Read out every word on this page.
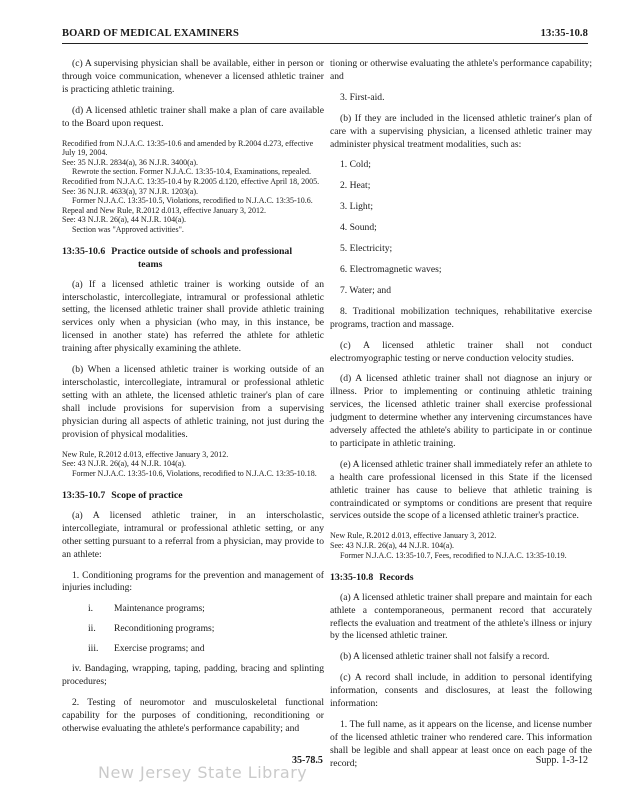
BOARD OF MEDICAL EXAMINERS	13:35-10.8

(c) A supervising physician shall be available, either in person or through voice communication, whenever a licensed athletic trainer is practicing athletic training.

(d) A licensed athletic trainer shall make a plan of care available to the Board upon request.

Recodified from N.J.A.C. 13:35-10.6 and amended by R.2004 d.273, effective July 19, 2004.
See: 35 N.J.R. 2834(a), 36 N.J.R. 3400(a).
Rewrote the section. Former N.J.A.C. 13:35-10.4, Examinations, repealed.
Recodified from N.J.A.C. 13:35-10.4 by R.2005 d.120, effective April 18, 2005.
See: 36 N.J.R. 4633(a), 37 N.J.R. 1203(a).
Former N.J.A.C. 13:35-10.5, Violations, recodified to N.J.A.C. 13:35-10.6.
Repeal and New Rule, R.2012 d.013, effective January 3, 2012.
See: 43 N.J.R. 26(a), 44 N.J.R. 104(a).
Section was "Approved activities".
13:35-10.6 Practice outside of schools and professional
teams

(a) If a licensed athletic trainer is working outside of an interscholastic, intercollegiate, intramural or professional athletic setting, the licensed athletic trainer shall provide athletic training services only when a physician (who may, in this instance, be licensed in another state) has referred the athlete for athletic training after physically examining the athlete.

(b) When a licensed athletic trainer is working outside of an interscholastic, intercollegiate, intramural or professional athletic setting with an athlete, the licensed athletic trainer's plan of care shall include provisions for supervision from a supervising physician during all aspects of athletic training, not just during the provision of physical modalities.

New Rule, R.2012 d.013, effective January 3, 2012.
See: 43 N.J.R. 26(a), 44 N.J.R. 104(a).
Former N.J.A.C. 13:35-10.6, Violations, recodified to N.J.A.C. 13:35-10.18.
13:35-10.7 Scope of practice

(a) A licensed athletic trainer, in an interscholastic, intercollegiate, intramural or professional athletic setting, or any other setting pursuant to a referral from a physician, may provide to an athlete:

1. Conditioning programs for the prevention and management of injuries including:

i. Maintenance programs;

ii. Reconditioning programs;

iii. Exercise programs; and

iv. Bandaging, wrapping, taping, padding, bracing and splinting procedures;

2. Testing of neuromotor and musculoskeletal functional capability for the purposes of conditioning, reconditioning or otherwise evaluating the athlete's performance capability; and

tioning or otherwise evaluating the athlete's performance capability; and

3. First-aid.

(b) If they are included in the licensed athletic trainer's plan of care with a supervising physician, a licensed athletic trainer may administer physical treatment modalities, such as:

1. Cold;

2. Heat;

3. Light;

4. Sound;

5. Electricity;

6. Electromagnetic waves;

7. Water; and

8. Traditional mobilization techniques, rehabilitative exercise programs, traction and massage.

(c) A licensed athletic trainer shall not conduct electromyographic testing or nerve conduction velocity studies.

(d) A licensed athletic trainer shall not diagnose an injury or illness. Prior to implementing or continuing athletic training services, the licensed athletic trainer shall exercise professional judgment to determine whether any intervening circumstances have adversely affected the athlete's ability to participate in or continue to participate in athletic training.

(e) A licensed athletic trainer shall immediately refer an athlete to a health care professional licensed in this State if the licensed athletic trainer has cause to believe that athletic training is contraindicated or symptoms or conditions are present that require services outside the scope of a licensed athletic trainer's practice.

New Rule, R.2012 d.013, effective January 3, 2012.
See: 43 N.J.R. 26(a), 44 N.J.R. 104(a).
Former N.J.A.C. 13:35-10.7, Fees, recodified to N.J.A.C. 13:35-10.19.
13:35-10.8 Records

(a) A licensed athletic trainer shall prepare and maintain for each athlete a contemporaneous, permanent record that accurately reflects the evaluation and treatment of the athlete's illness or injury by the licensed athletic trainer.

(b) A licensed athletic trainer shall not falsify a record.

(c) A record shall include, in addition to personal identifying information, consents and disclosures, at least the following information:

1. The full name, as it appears on the license, and license number of the licensed athletic trainer who rendered care. This information shall be legible and shall appear at least once on each page of the record;

35-78.5	Supp. 1-3-12
New Jersey State Library
